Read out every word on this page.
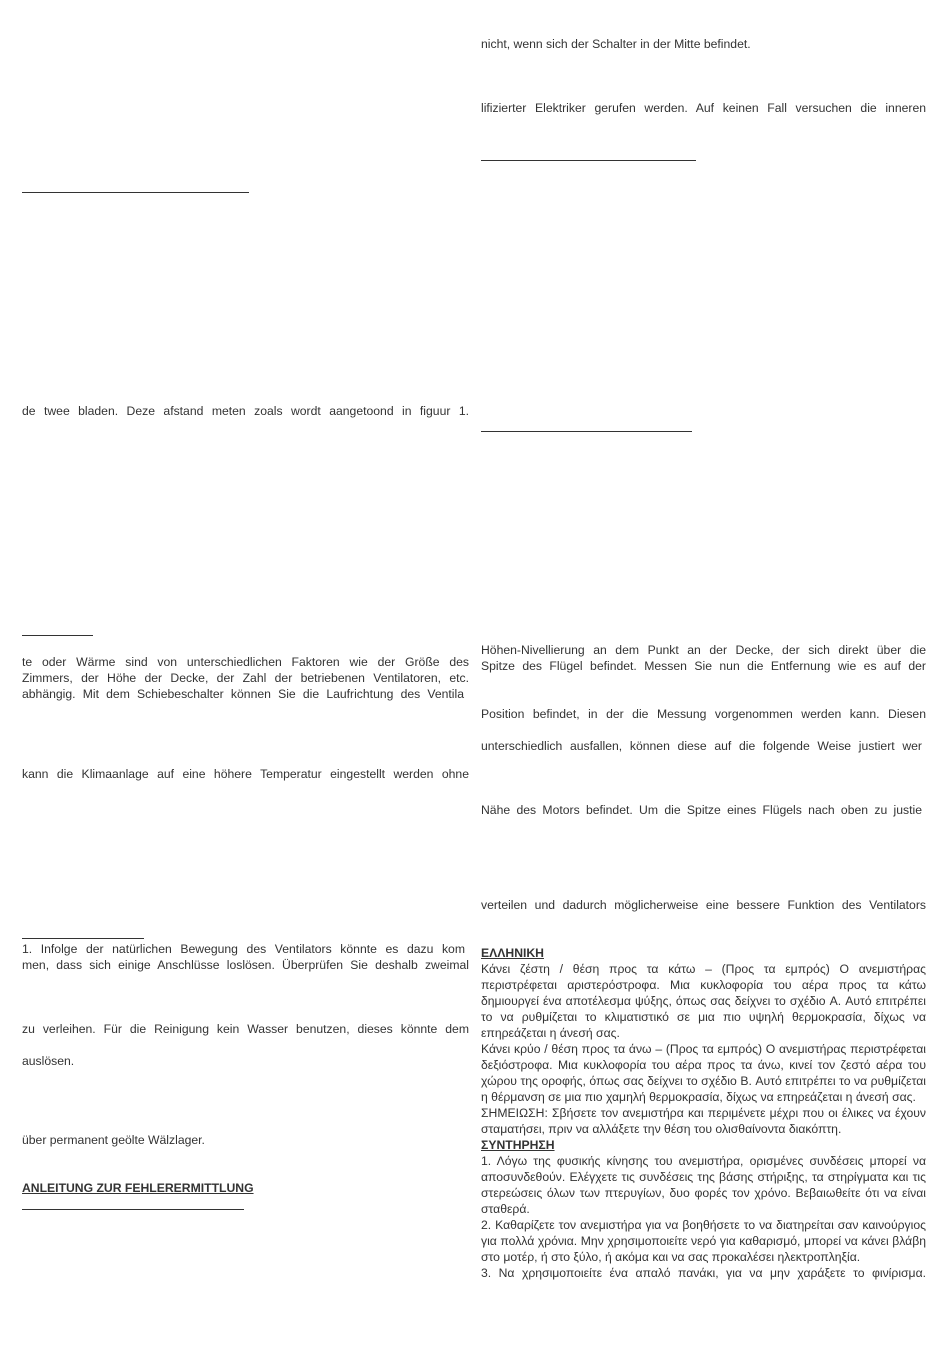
nicht, wenn sich der Schalter in der Mitte befindet.
lifizierter Elektriker gerufen werden. Auf keinen Fall versuchen die inneren
Höhen-Nivellierung an dem Punkt an der Decke, der sich direkt über die
Spitze des Flügel befindet. Messen Sie nun die Entfernung wie es auf der
Position befindet, in der die Messung vorgenommen werden kann. Diesen
unterschiedlich ausfallen, können diese auf die folgende Weise justiert wer
Nähe des Motors befindet. Um die Spitze eines Flügels nach oben zu justie
verteilen und dadurch möglicherweise eine bessere Funktion des Ventilators
de twee bladen. Deze afstand meten zoals wordt aangetoond in figuur 1.
te oder Wärme sind von unterschiedlichen Faktoren wie der Größe des
Zimmers, der Höhe der Decke, der Zahl der betriebenen Ventilatoren, etc.
abhängig. Mit dem Schiebeschalter können Sie die Laufrichtung des Ventila
kann die Klimaanlage auf eine höhere Temperatur eingestellt werden ohne
1. Infolge der natürlichen Bewegung des Ventilators könnte es dazu kom
men, dass sich einige Anschlüsse loslösen. Überprüfen Sie deshalb zweimal
zu verleihen. Für die Reinigung kein Wasser benutzen, dieses könnte dem
auslösen.
über permanent geölte Wälzlager.
ANLEITUNG ZUR FEHLERERMITTLUNG

ΕΛΛΗΝΙΚΗ

Κάνει ζέστη / θέση προς τα κάτω – (Προς τα εμπρός) Ο ανεμιστήρας περιστρέφεται αριστερόστροφα. Μια κυκλοφορία του αέρα προς τα κάτω δημιουργεί ένα αποτέλεσμα ψύξης, όπως σας δείχνει το σχέδιο A. Αυτό επιτρέπει το να ρυθμίζεται το κλιματιστικό σε μια πιο υψηλή θερμοκρασία, δίχως να επηρεάζεται η άνεσή σας.

Κάνει κρύο / θέση προς τα άνω – (Προς τα εμπρός) Ο ανεμιστήρας περιστρέφεται δεξιόστροφα. Μια κυκλοφορία του αέρα προς τα άνω, κινεί τον ζεστό αέρα του χώρου της οροφής, όπως σας δείχνει το σχέδιο B. Αυτό επιτρέπει το να ρυθμίζεται η θέρμανση σε μια πιο χαμηλή θερμοκρασία, δίχως να επηρεάζεται η άνεσή σας.

ΣΗΜΕΙΩΣΗ: Σβήσετε τον ανεμιστήρα και περιμένετε μέχρι που οι έλικες να έχουν σταματήσει, πριν να αλλάξετε την θέση του ολισθαίνοντα διακόπτη.

ΣΥΝΤΗΡΗΣΗ

1. Λόγω της φυσικής κίνησης του ανεμιστήρα, ορισμένες συνδέσεις μπορεί να αποσυνδεθούν. Ελέγχετε τις συνδέσεις της βάσης στήριξης, τα στηρίγματα και τις στερεώσεις όλων των πτερυγίων, δυο φορές τον χρόνο. Βεβαιωθείτε ότι να είναι σταθερά.

2. Καθαρίζετε τον ανεμιστήρα για να βοηθήσετε το να διατηρείται σαν καινούργιος για πολλά χρόνια. Μην χρησιμοποιείτε νερό για καθαρισμό, μπορεί να κάνει βλάβη στο μοτέρ, ή στο ξύλο, ή ακόμα και να σας προκαλέσει ηλεκτροπληξία.

3. Να χρησιμοποιείτε ένα απαλό πανάκι, για να μην χαράξετε το φινίρισμα.
